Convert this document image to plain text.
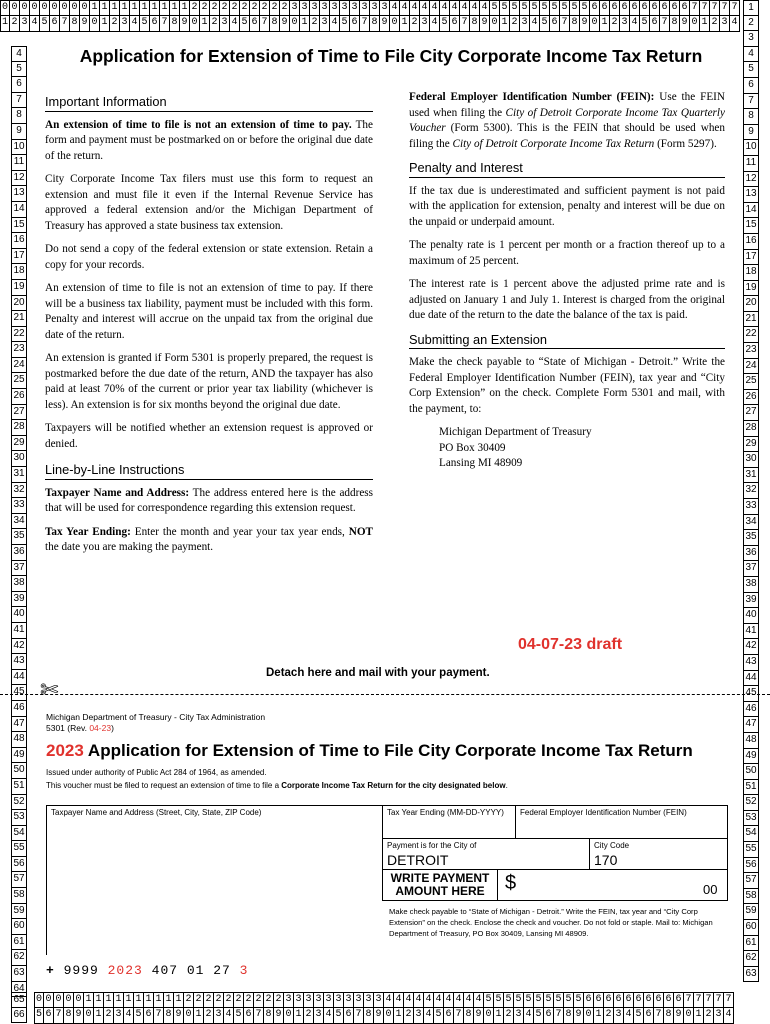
0 0 0 0 0 0 0 0 0 1 1 1 1 1 1 1 1 1 1 2 2 2 2 2 2 2 2 2 2 3 3 3 3 3 3 3 3 3 3 4 4 4 4 4 4 4 4 4 4 5 5 5 5 5 5 5 5 5 5 6 6 6 6 6 6 6 6 6 6 7 7 7 7 7
1 2 3 4 5 6 7 8 9 0 1 2 3 4 5 6 7 8 9 0 1 2 3 4 5 6 7 8 9 0 1 2 3 4 5 6 7 8 9 0 1 2 3 4 5 6 7 8 9 0 1 2 3 4 5 6 7 8 9 0 1 2 3 4 5 6 7 8 9 0 1 2 3 4
0 0 0 0 0 1 1 1 1 1 1 1 1 1 1 2 2 2 2 2 2 2 2 2 2 3 3 3 3 3 3 3 3 3 3 4 4 4 4 4 4 4 4 4 4 5 5 5 5 5 5 5 5 5 5 6 6 6 6 6 6 6 6 6 6 7 7 7 7 7
5 6 7 8 9 0 1 2 3 4 5 6 7 8 9 0 1 2 3 4 5 6 7 8 9 0 1 2 3 4 5 6 7 8 9 0 1 2 3 4 5 6 7 8 9 0 1 2 3 4 5 6 7 8 9 0 1 2 3 4 5 6 7 8 9 0 1 2 3 4
4
5
6
7
8
9
10
11
12
13
14
15
16
17
18
19
20
21
22
23
24
25
26
27
28
29
30
31
32
33
34
35
36
37
38
39
40
41
42
43
44
45
46
47
48
49
50
51
52
53
54
55
56
57
58
59
60
61
62
63
64
65
66
1
2
3
4
5
6
7
8
9
10
11
12
13
14
15
16
17
18
19
20
21
22
23
24
25
26
27
28
29
30
31
32
33
34
35
36
37
38
39
40
41
42
43
44
45
46
47
48
49
50
51
52
53
54
55
56
57
58
59
60
61
62
63
Application for Extension of Time to File City Corporate Income Tax Return
Important Information

An extension of time to file is not an extension of time to pay. The form and payment must be postmarked on or before the original due date of the return.

City Corporate Income Tax filers must use this form to request an extension and must file it even if the Internal Revenue Service has approved a federal extension and/or the Michigan Department of Treasury has approved a state business tax extension.

Do not send a copy of the federal extension or state extension. Retain a copy for your records.

An extension of time to file is not an extension of time to pay. If there will be a business tax liability, payment must be included with this form. Penalty and interest will accrue on the unpaid tax from the original due date of the return.

An extension is granted if Form 5301 is properly prepared, the request is postmarked before the due date of the return, AND the taxpayer has also paid at least 70% of the current or prior year tax liability (whichever is less). An extension is for six months beyond the original due date.

Taxpayers will be notified whether an extension request is approved or denied.

Line-by-Line Instructions

Taxpayer Name and Address: The address entered here is the address that will be used for correspondence regarding this extension request.

Tax Year Ending: Enter the month and year your tax year ends, NOT the date you are making the payment.

Federal Employer Identification Number (FEIN): Use the FEIN used when filing the City of Detroit Corporate Income Tax Quarterly Voucher (Form 5300). This is the FEIN that should be used when filing the City of Detroit Corporate Income Tax Return (Form 5297).

Penalty and Interest

If the tax due is underestimated and sufficient payment is not paid with the application for extension, penalty and interest will be due on the unpaid or underpaid amount.

The penalty rate is 1 percent per month or a fraction thereof up to a maximum of 25 percent.

The interest rate is 1 percent above the adjusted prime rate and is adjusted on January 1 and July 1. Interest is charged from the original due date of the return to the date the balance of the tax is paid.

Submitting an Extension

Make the check payable to “State of Michigan - Detroit.” Write the Federal Employer Identification Number (FEIN), tax year and “City Corp Extension” on the check. Complete Form 5301 and mail, with the payment, to:

Michigan Department of Treasury
PO Box 30409
Lansing MI 48909
04-07-23 draft
Detach here and mail with your payment.
✄
Michigan Department of Treasury - City Tax Administration
5301 (Rev. 04-23)
2023 Application for Extension of Time to File City Corporate Income Tax Return
Issued under authority of Public Act 284 of 1964, as amended.
This voucher must be filed to request an extension of time to file a Corporate Income Tax Return for the city designated below.
Taxpayer Name and Address (Street, City, State, ZIP Code)	Tax Year Ending (MM-DD-YYYY)	Federal Employer Identification Number (FEIN)
Payment is for the City of
DETROIT
City Code
170
WRITE PAYMENT
AMOUNT HERE	$	00
Make check payable to “State of Michigan - Detroit.” Write the FEIN, tax year and “City Corp Extension” on the check. Enclose the check and voucher. Do not fold or staple. Mail to: Michigan Department of Treasury, PO Box 30409, Lansing MI 48909.
+ 9999 2023 407 01 27 3
